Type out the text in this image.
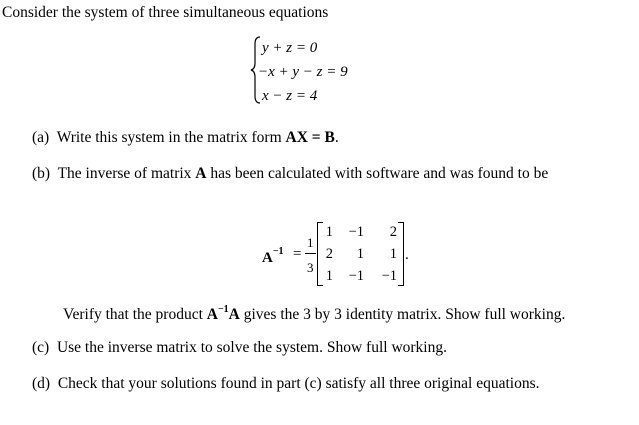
Consider the system of three simultaneous equations
y + z = 0
−x + y − z = 9
x − z = 4
(a) Write this system in the matrix form AX = B.
(b) The inverse of matrix A has been calculated with software and was found to be
$A^{-1}$ =
1
3
1	−1	2
2	1	1
1	−1	−1
.
Verify that the product $A^{-1}A$ gives the 3 by 3 identity matrix. Show full working.
(c) Use the inverse matrix to solve the system. Show full working.
(d) Check that your solutions found in part (c) satisfy all three original equations.
